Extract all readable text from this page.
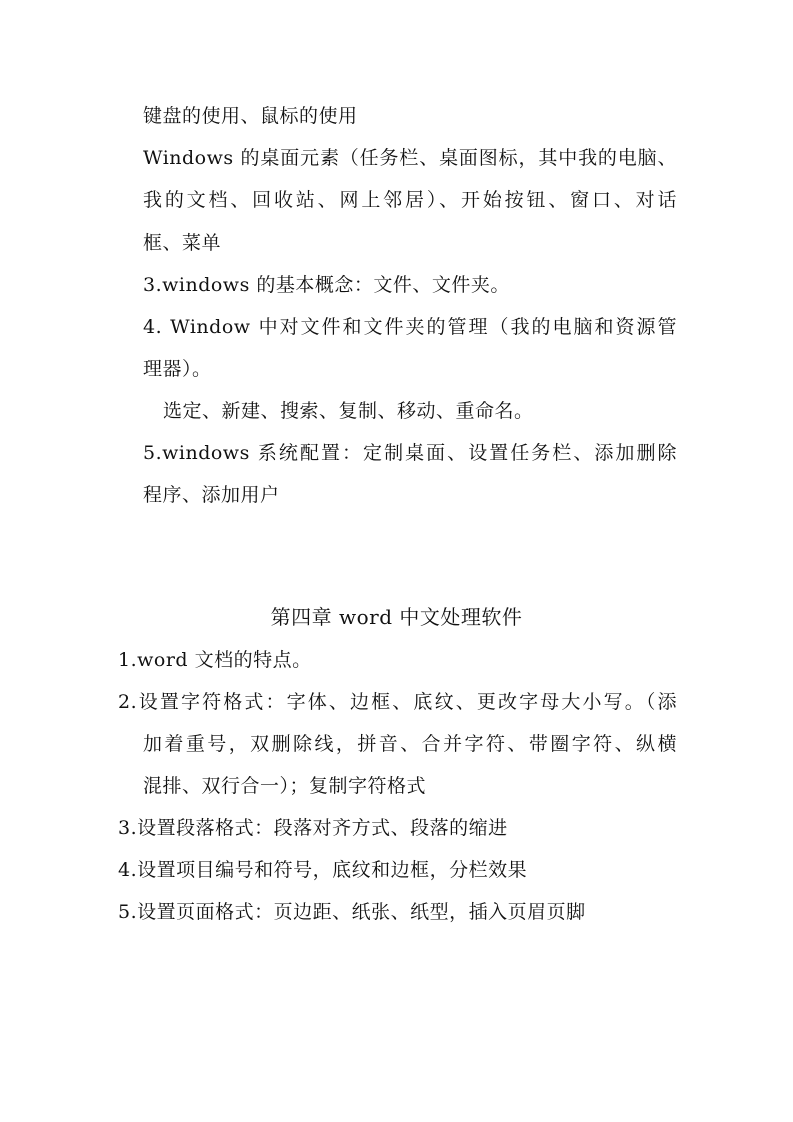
键盘的使用、鼠标的使用
Windows 的桌面元素（任务栏、桌面图标，其中我的电脑、
我的文档、回收站、网上邻居）、开始按钮、窗口、对话
框、菜单
3.windows 的基本概念：文件、文件夹。
4. Window 中对文件和文件夹的管理（我的电脑和资源管
理器）。
选定、新建、搜索、复制、移动、重命名。
5.windows 系统配置：定制桌面、设置任务栏、添加删除
程序、添加用户
第四章 word 中文处理软件
1.word 文档的特点。
2.设置字符格式：字体、边框、底纹、更改字母大小写。（添
加着重号，双删除线，拼音、合并字符、带圈字符、纵横
混排、双行合一）；复制字符格式
3.设置段落格式：段落对齐方式、段落的缩进
4.设置项目编号和符号，底纹和边框，分栏效果
5.设置页面格式：页边距、纸张、纸型，插入页眉页脚
